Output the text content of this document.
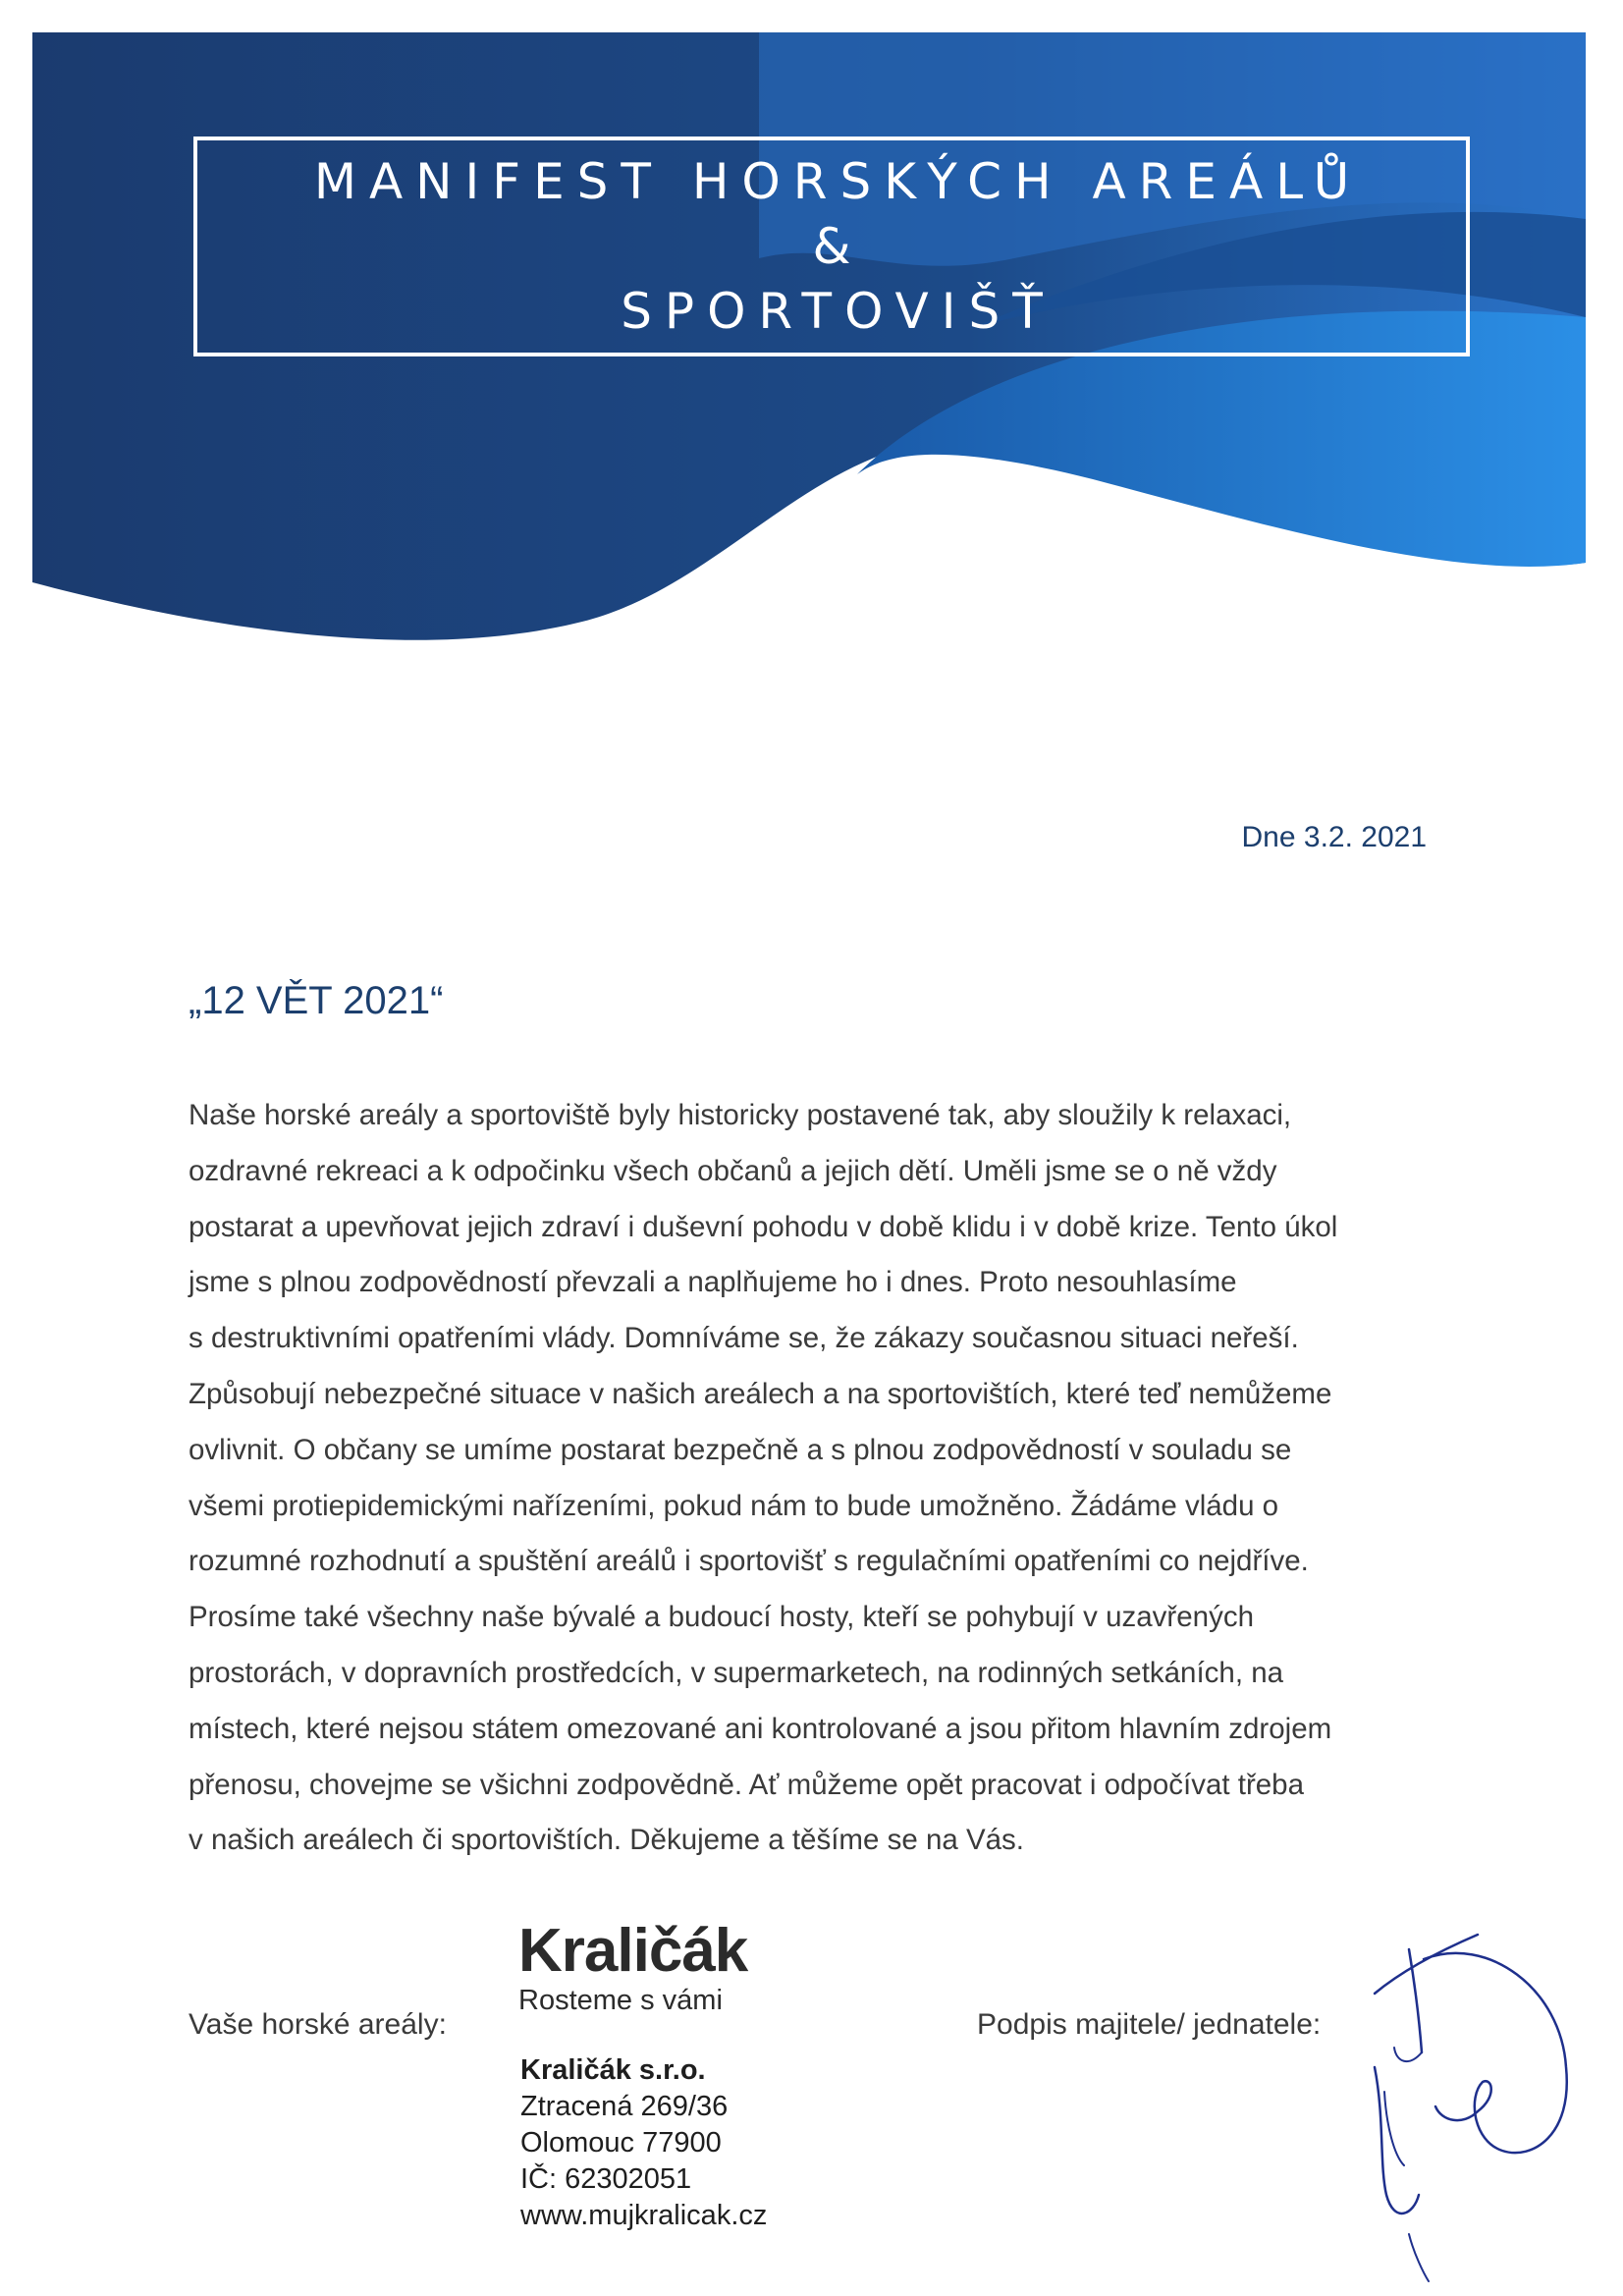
MANIFEST HORSKÝCH AREÁLŮ
&
SPORTOVIŠŤ
Dne 3.2. 2021
„12 VĚT 2021“
Naše horské areály a sportoviště byly historicky postavené tak, aby sloužily k relaxaci,
ozdravné rekreaci a k odpočinku všech občanů a jejich dětí. Uměli jsme se o ně vždy
postarat a upevňovat jejich zdraví i duševní pohodu v době klidu i v době krize. Tento úkol
jsme s plnou zodpovědností převzali a naplňujeme ho i dnes. Proto nesouhlasíme
s destruktivními opatřeními vlády. Domníváme se, že zákazy současnou situaci neřeší.
Způsobují nebezpečné situace v našich areálech a na sportovištích, které teď nemůžeme
ovlivnit. O občany se umíme postarat bezpečně a s plnou zodpovědností v souladu se
všemi protiepidemickými nařízeními, pokud nám to bude umožněno. Žádáme vládu o
rozumné rozhodnutí a spuštění areálů i sportovišť s regulačními opatřeními co nejdříve.
Prosíme také všechny naše bývalé a budoucí hosty, kteří se pohybují v uzavřených
prostorách, v dopravních prostředcích, v supermarketech, na rodinných setkáních, na
místech, které nejsou státem omezované ani kontrolované a jsou přitom hlavním zdrojem
přenosu, chovejme se všichni zodpovědně. Ať můžeme opět pracovat i odpočívat třeba
v našich areálech či sportovištích. Děkujeme a těšíme se na Vás.
Vaše horské areály:
Kraličák
Rosteme s vámi
Kraličák s.r.o.
Ztracená 269/36
Olomouc 77900
IČ: 62302051
www.mujkralicak.cz
Podpis majitele/ jednatele:
